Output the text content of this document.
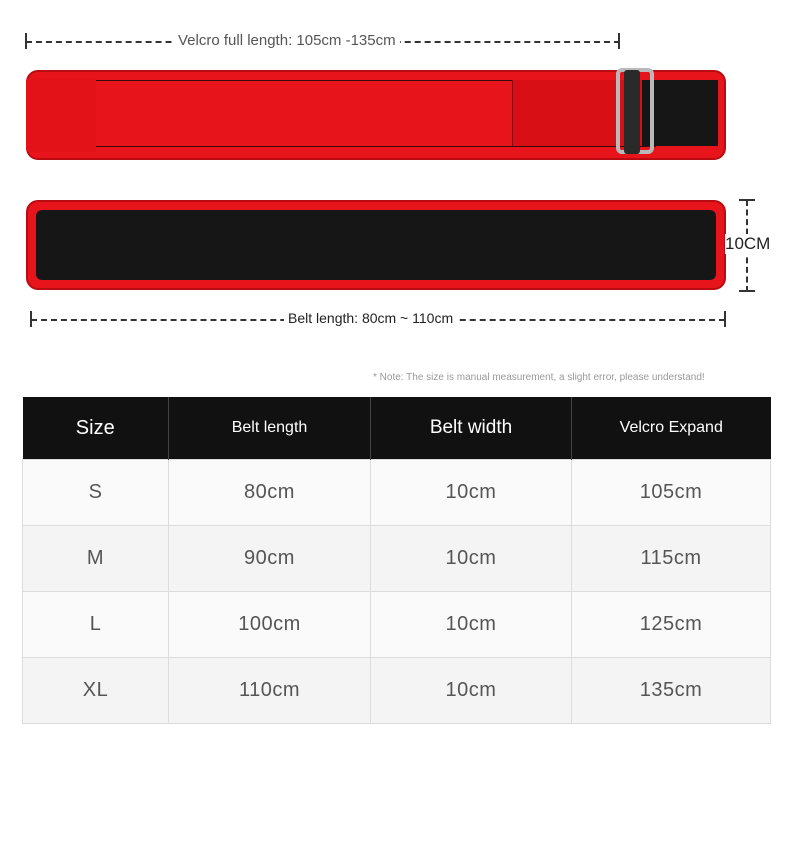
Velcro full length: 105cm -135cm
10CM
Belt length: 80cm ~ 110cm
* Note: The size is manual measurement, a slight error, please understand!
Size	Belt length	Belt width	Velcro Expand
S	80cm	10cm	105cm
M	90cm	10cm	115cm
L	100cm	10cm	125cm
XL	110cm	10cm	135cm
